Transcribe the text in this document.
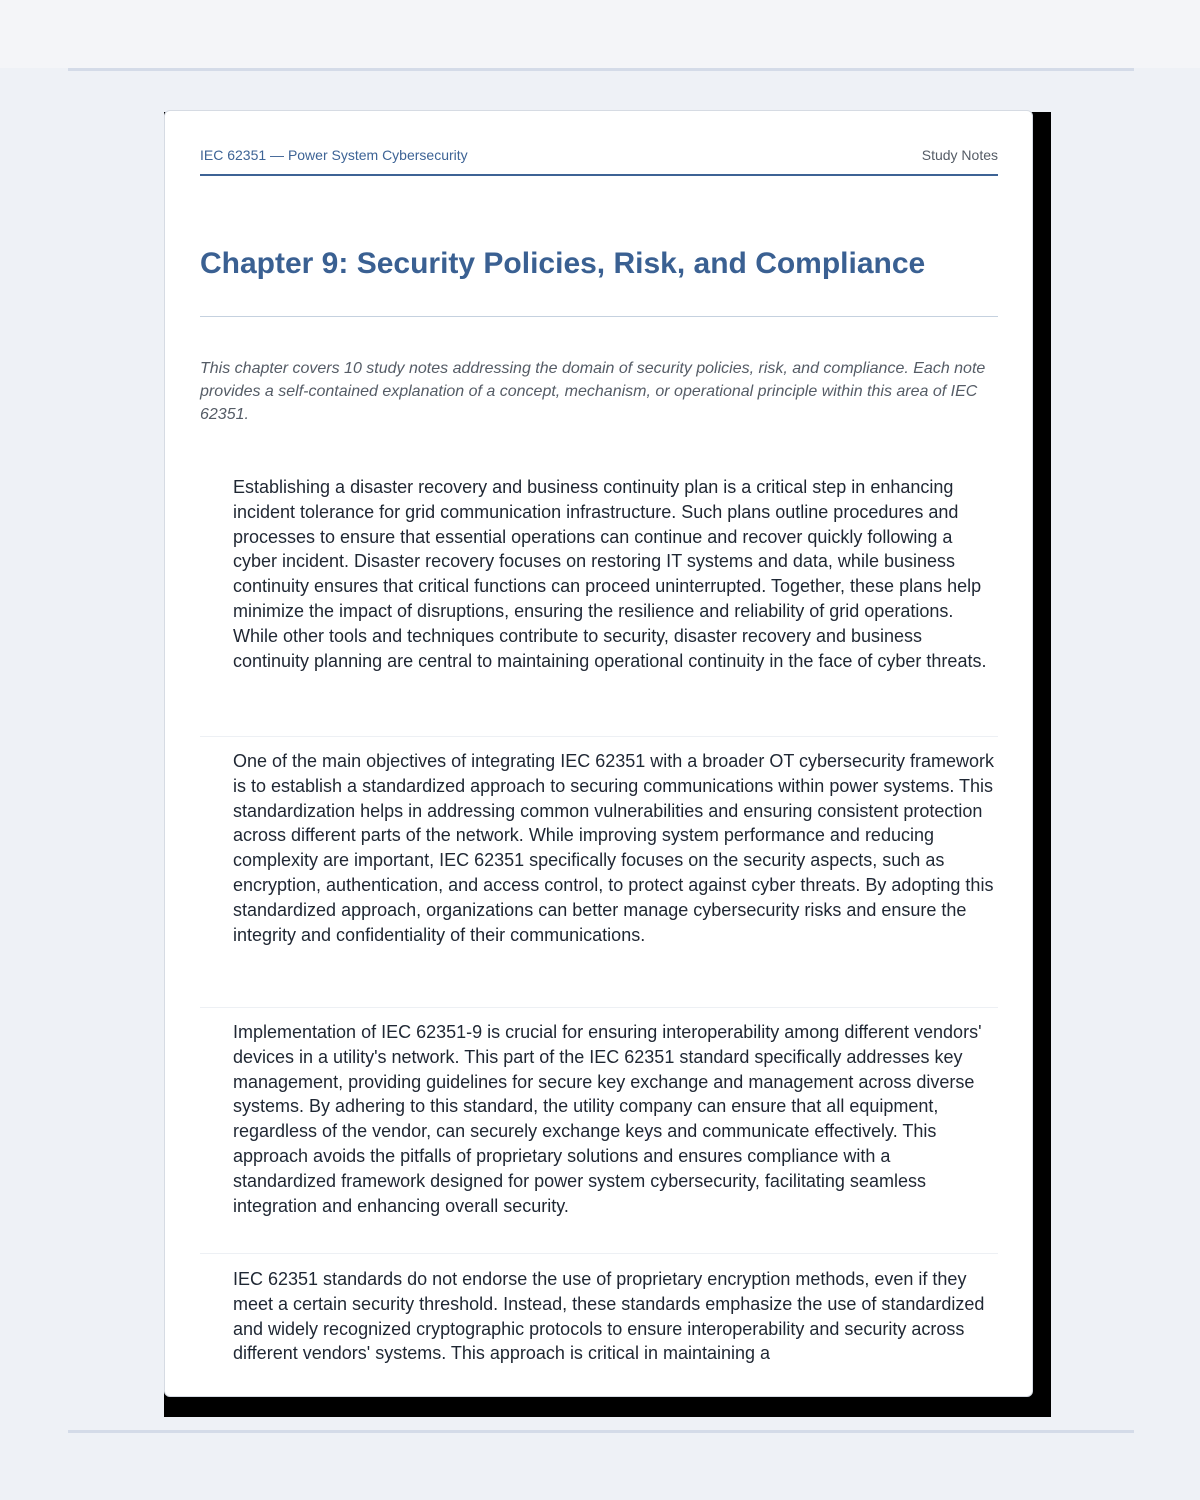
IEC 62351 — Power System Cybersecurity	Study Notes
Chapter 9: Security Policies, Risk, and Compliance

This chapter covers 10 study notes addressing the domain of security policies, risk, and compliance. Each note provides a self-contained explanation of a concept, mechanism, or operational principle within this area of IEC 62351.

Establishing a disaster recovery and business continuity plan is a critical step in enhancing incident tolerance for grid communication infrastructure. Such plans outline procedures and processes to ensure that essential operations can continue and recover quickly following a cyber incident. Disaster recovery focuses on restoring IT systems and data, while business continuity ensures that critical functions can proceed uninterrupted. Together, these plans help minimize the impact of disruptions, ensuring the resilience and reliability of grid operations. While other tools and techniques contribute to security, disaster recovery and business continuity planning are central to maintaining operational continuity in the face of cyber threats.

One of the main objectives of integrating IEC 62351 with a broader OT cybersecurity framework is to establish a standardized approach to securing communications within power systems. This standardization helps in addressing common vulnerabilities and ensuring consistent protection across different parts of the network. While improving system performance and reducing complexity are important, IEC 62351 specifically focuses on the security aspects, such as encryption, authentication, and access control, to protect against cyber threats. By adopting this standardized approach, organizations can better manage cybersecurity risks and ensure the integrity and confidentiality of their communications.

Implementation of IEC 62351-9 is crucial for ensuring interoperability among different vendors' devices in a utility's network. This part of the IEC 62351 standard specifically addresses key management, providing guidelines for secure key exchange and management across diverse systems. By adhering to this standard, the utility company can ensure that all equipment, regardless of the vendor, can securely exchange keys and communicate effectively. This approach avoids the pitfalls of proprietary solutions and ensures compliance with a standardized framework designed for power system cybersecurity, facilitating seamless integration and enhancing overall security.

IEC 62351 standards do not endorse the use of proprietary encryption methods, even if they meet a certain security threshold. Instead, these standards emphasize the use of standardized and widely recognized cryptographic protocols to ensure interoperability and security across different vendors' systems. This approach is critical in maintaining a
